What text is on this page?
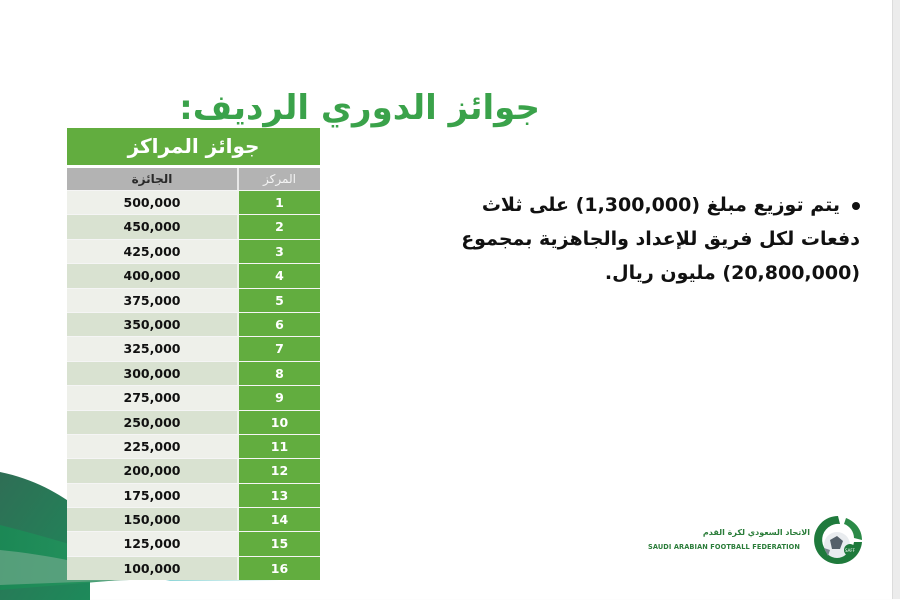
جوائز الدوري الرديف:
جوائز المراكز
الجائزة	المركز
500,000	1
450,000	2
425,000	3
400,000	4
375,000	5
350,000	6
325,000	7
300,000	8
275,000	9
250,000	10
225,000	11
200,000	12
175,000	13
150,000	14
125,000	15
100,000	16
يتم توزيع مبلغ (1,300,000) على ثلاث دفعات لكل فريق للإعداد والجاهزية بمجموع (20,800,000) مليون ريال.
الاتحاد السعودي لكرة القدم
SAUDI ARABIAN FOOTBALL FEDERATION	SAFF
